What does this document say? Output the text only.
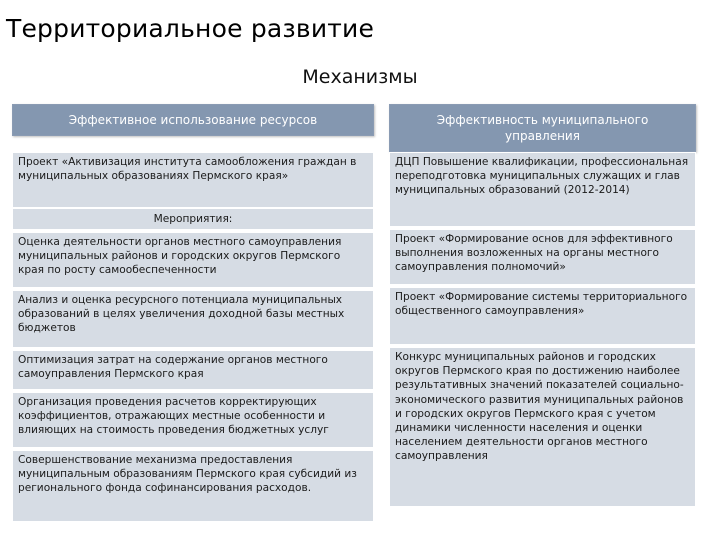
Территориальное развитие
Механизмы
Эффективное использование ресурсов
Проект «Активизация института самообложения граждан в муниципальных образованиях Пермского края»
Мероприятия:
Оценка деятельности органов местного самоуправления муниципальных районов и городских округов Пермского края по росту самообеспеченности
Анализ и оценка ресурсного потенциала муниципальных образований в целях увеличения доходной базы местных бюджетов
Оптимизация затрат на содержание органов местного самоуправления Пермского края
Организация проведения расчетов корректирующих коэффициентов, отражающих местные особенности и влияющих на стоимость проведения бюджетных услуг
Совершенствование механизма предоставления муниципальным образованиям Пермского края субсидий из регионального фонда софинансирования расходов.
Эффективность муниципального управления
ДЦП Повышение квалификации, профессиональная переподготовка муниципальных служащих и глав муниципальных образований (2012-2014)
Проект «Формирование основ для эффективного выполнения возложенных на органы местного самоуправления полномочий»
Проект «Формирование системы территориального общественного самоуправления»
Конкурс муниципальных районов и городских округов Пермского края по достижению наиболее результативных значений показателей социально-экономического развития муниципальных районов и городских округов Пермского края с учетом динамики численности населения и оценки населением деятельности органов местного самоуправления
